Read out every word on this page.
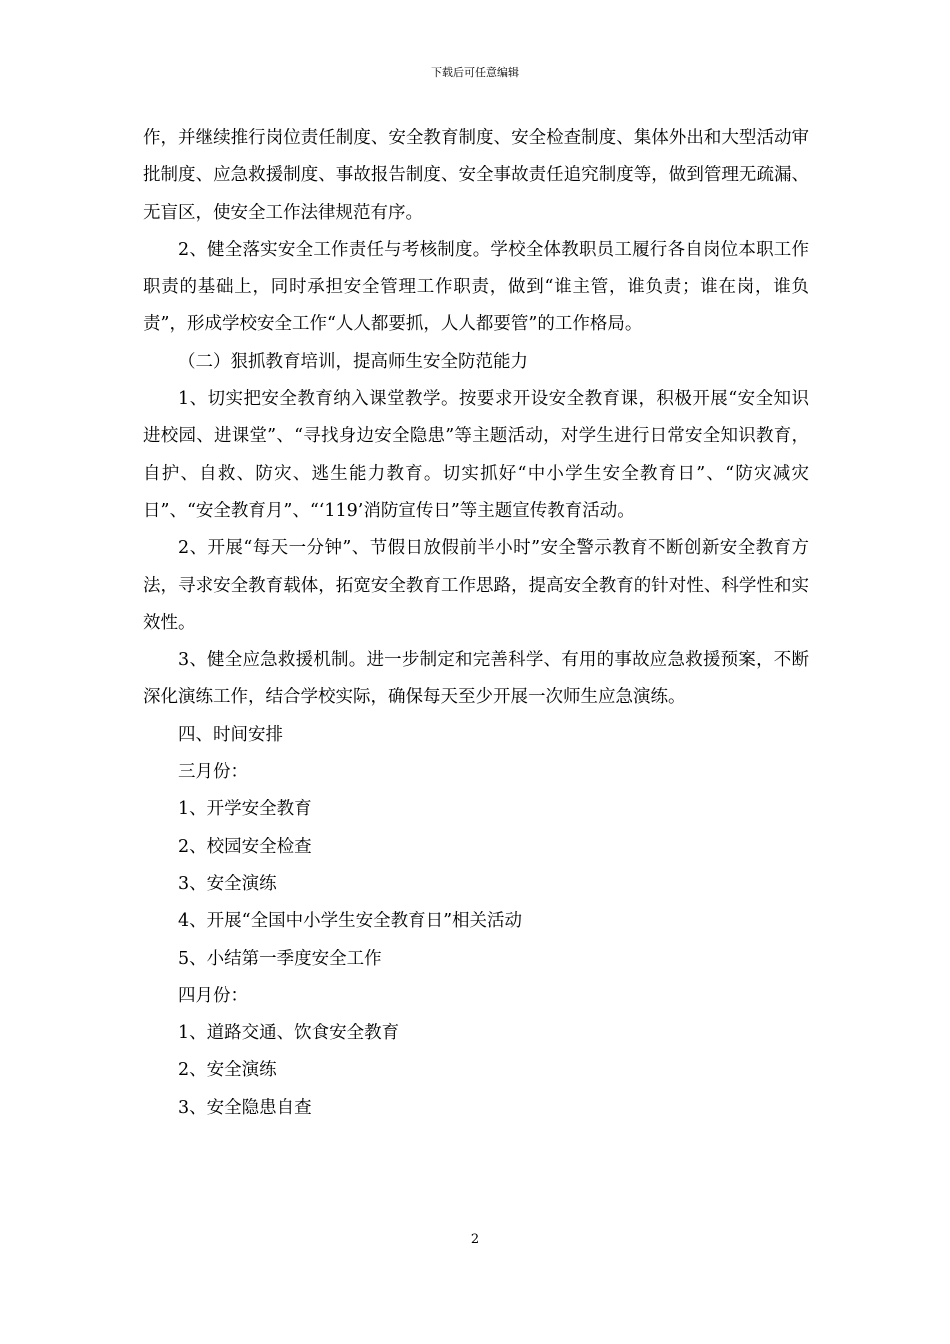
下载后可任意编辑

作，并继续推行岗位责任制度、安全教育制度、安全检查制度、集体外出和大型活动审批制度、应急救援制度、事故报告制度、安全事故责任追究制度等，做到管理无疏漏、无盲区，使安全工作法律规范有序。

2、健全落实安全工作责任与考核制度。学校全体教职员工履行各自岗位本职工作职责的基础上，同时承担安全管理工作职责，做到“谁主管，谁负责；谁在岗，谁负责”，形成学校安全工作“人人都要抓，人人都要管”的工作格局。

（二）狠抓教育培训，提高师生安全防范能力

1、切实把安全教育纳入课堂教学。按要求开设安全教育课，积极开展“安全知识进校园、进课堂”、“寻找身边安全隐患”等主题活动，对学生进行日常安全知识教育，自护、自救、防灾、逃生能力教育。切实抓好“中小学生安全教育日”、“防灾减灾日”、“安全教育月”、“‘119’消防宣传日”等主题宣传教育活动。

2、开展“每天一分钟”、节假日放假前半小时”安全警示教育不断创新安全教育方法，寻求安全教育载体，拓宽安全教育工作思路，提高安全教育的针对性、科学性和实效性。

3、健全应急救援机制。进一步制定和完善科学、有用的事故应急救援预案，不断深化演练工作，结合学校实际，确保每天至少开展一次师生应急演练。

四、时间安排

三月份：

1、开学安全教育

2、校园安全检查

3、安全演练

4、开展“全国中小学生安全教育日”相关活动

5、小结第一季度安全工作

四月份：

1、道路交通、饮食安全教育

2、安全演练

3、安全隐患自查

2
